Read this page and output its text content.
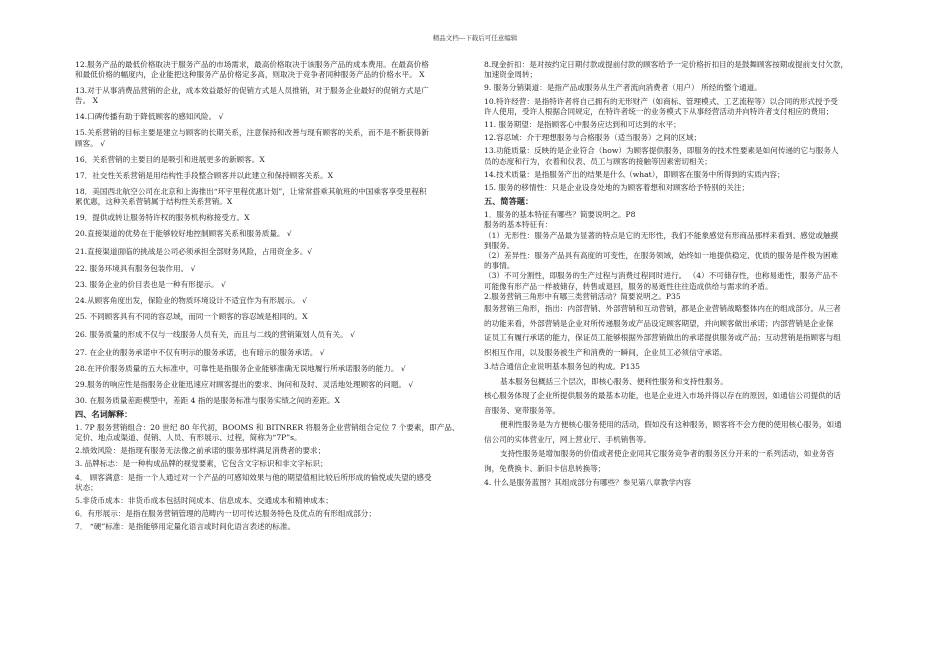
精品文档---下载后可任意编辑
12.服务产品的最低价格取决于服务产品的市场需求，最高价格取决于该服务产品的成本费用。在最高价格
和最低价格的幅度内，企业能把这种服务产品价格定多高，则取决于竞争者同种服务产品的价格水平。 X
13.对于从事消费品营销的企业，成本效益最好的促销方式是人员推销，对于服务企业最好的促销方式是广
告。 X
14.口碑传播有助于降低顾客的感知风险。 √
15.关系营销的目标主要是建立与顾客的长期关系，注意保持和改善与现有顾客的关系，而不是不断获得新
顾客。 √
16．关系营销的主要目的是吸引和进展更多的新顾客。X
17．社交性关系营销是用结构性手段整合顾客并以此建立和保持顾客关系。X
18．美国西北航空公司在北京和上海推出“环宇里程优惠计划”，让常常搭乘其航班的中国乘客享受里程积
累优惠，这种关系营销属于结构性关系营销。X
19．提供或转让服务特许权的服务机构称接受方。X
20.直接渠道的优势在于能够较好地控制顾客关系和服务质量。 √
21.直接渠道面临的挑战是公司必须承担全部财务风险，占用资金多。√
22. 服务环境具有服务包装作用。 √
23. 服务企业的价目表也是一种有形提示。 √
24.从顾客角度出发，保险业的物质环境设计不适宜作为有形展示。 √
25. 不同顾客具有不同的容忍域，而同一个顾客的容忍域是相同的。X
26. 服务质量的形成不仅与一线服务人员有关，而且与二线的营销策划人员有关。 √
27. 在企业的服务承诺中不仅有明示的服务承诺，也有暗示的服务承诺。 √
28.在评价服务质量的五大标准中，可靠性是指服务企业能够准确无误地履行所承诺服务的能力。 √
29.服务的响应性是指服务企业能迅速应对顾客提出的要求、询问和及时、灵活地处理顾客的问题。 √
30. 在服务质量差距模型中，差距 4 指的是服务标准与服务实绩之间的差距。X
四、名词解释：
1. 7P 服务营销组合：20 世纪 80 年代初，BOOMS 和 BITNRER 将服务企业营销组合定位 7 个要素，即产品、
定价、地点或渠道、促销、人员、有形展示、过程，简称为“7P”s。
2.绩效风险：是指现有服务无法像之前承诺的服务那样满足消费者的要求；
3. 品牌标志：是一种构成品牌的视觉要素，它包含文字标识和非文字标识；
4． 顾客满意：是指一个人通过对一个产品的可感知效果与他的期望值相比较后所形成的愉悦或失望的感受
状态；
5.非货币成本：非货币成本包括时间成本、信息成本、交通成本和精神成本；
6．有形展示：是指在服务营销管理的范畴内一切可传达服务特色及优点的有形组成部分；
7． “硬”标准：是指能够用定量化语言或时间化语言表述的标准。
8.现金折扣：是对按约定日期付款或提前付款的顾客给予一定价格折扣目的是鼓舞顾客按期或提前支付欠款，
加速资金周转；
9. 服务分销渠道：是指产品或服务从生产者流向消费者（用户） 所经的整个通道。
10.特许经营：是指特许者将自己拥有的无形财产（如商标、管理模式、工艺流程等）以合同的形式授予受
许人使用，受许人根据合同规定，在特许者统一的业务模式下从事经营活动并向特许者支付相应的费用；
11. 服务期望：是指顾客心中服务应达到和可达到的水平；
12.容忍域：介于理想服务与合格服务（适当服务）之间的区域；
13.功能质量：反映的是企业符合（how）为顾客提供服务，即服务的技术性要素是如何传递的它与服务人
员的态度和行为，衣着和仪表、员工与顾客的接触等因素密切相关；
14.技术质量：是指服务产出的结果是什么（what），即顾客在服务中所得到的实质内容；
15. 服务的移情性：只是企业设身处地的为顾客着想和对顾客给予特别的关注；
五、简答题：
1．服务的基本特征有哪些？简要说明之。P8
服务的基本特征有：
（1）无形性：服务产品最为显著的特点是它的无形性，我们不能象感觉有形商品那样来看到、感觉或触摸
到服务。
（2）差异性：服务产品具有高度的可变性，在服务领域，始终如一地提供稳定、优质的服务是件极为困难
的事情。
（3）不可分割性，即服务的生产过程与消费过程同时进行。 （4）不可储存性，也称易逝性，服务产品不
可能像有形产品一样被储存，转售或退回，服务的易逝性往往造成供给与需求的矛盾。
2.服务营销三角形中有哪三类营销活动？简要说明之。P35
服务营销三角形，指出：内部营销、外部营销和互动营销，都是企业营销战略整体内在的组成部分。从三者
的功能来看，外部营销是企业对所传递服务或产品设定顾客期望，并向顾客做出承诺；内部营销是企业保
证员工有履行承诺的能力，保证员工能够根据外部营销做出的承诺提供服务或产品；互动营销是指顾客与组
织相互作用，以及服务被生产和消费的一瞬间，企业员工必须信守承诺。
3.结合通信企业说明基本服务包的构成。P135
基本服务包概括三个层次，即核心服务、便利性服务和支持性服务。
核心服务体现了企业所提供服务的最基本功能，也是企业进入市场并得以存在的原因，如通信公司提供的话
音服务、宽带服务等。
便利性服务是为方便核心服务使用的活动，假如没有这种服务，顾客将不会方便的使用核心服务，如通
信公司的实体营业厅，网上营业厅、手机销售等。
支持性服务是增加服务的价值或者使企业同其它服务竞争者的服务区分开来的一系列活动，如业务咨
询，免费换卡、新旧卡信息转换等；
4. 什么是服务蓝图？其组成部分有哪些？参见第八章教学内容
